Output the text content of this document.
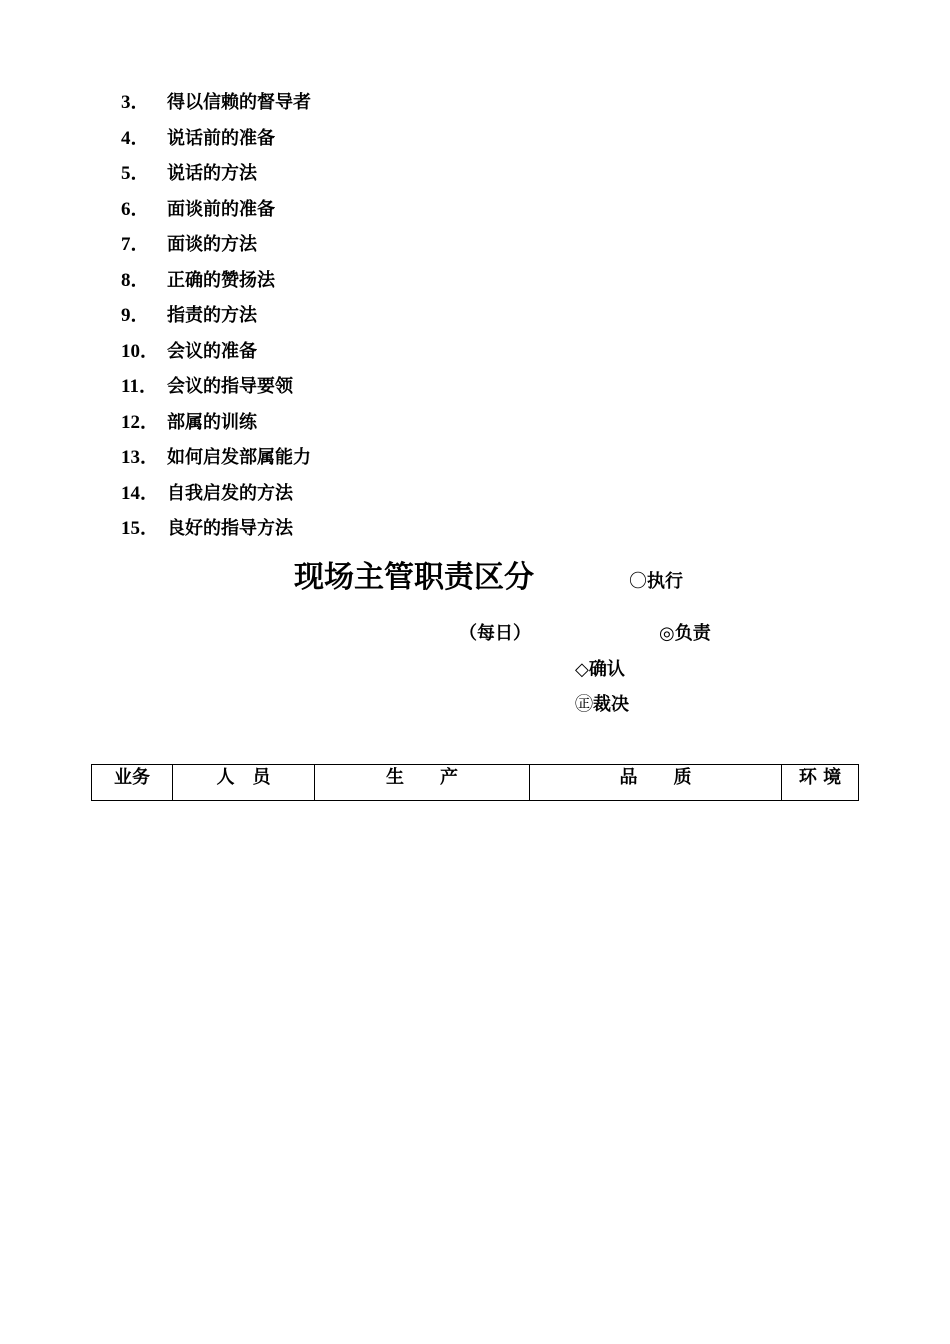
3． 得以信赖的督导者
4． 说话前的准备
5． 说话的方法
6． 面谈前的准备
7． 面谈的方法
8． 正确的赞扬法
9． 指责的方法
10． 会议的准备
11． 会议的指导要领
12． 部属的训练
13． 如何启发部属能力
14． 自我启发的方法
15． 良好的指导方法
现场主管职责区分	〇执行
（每日）	◎负责
◇确认
㊣裁决
业务	人　员	生　　产	品　　质	环 境
